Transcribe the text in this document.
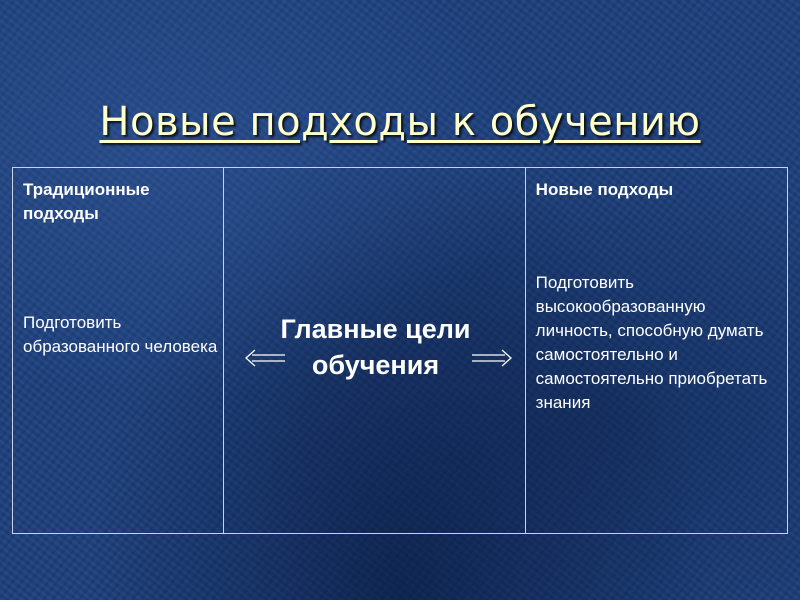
Новые подходы к обучению
Традиционные подходы
Подготовить образованного человека
Главные цели
обучения
Новые подходы
Подготовить высокообразованную личность, способную думать самостоятельно и самостоятельно приобретать знания
